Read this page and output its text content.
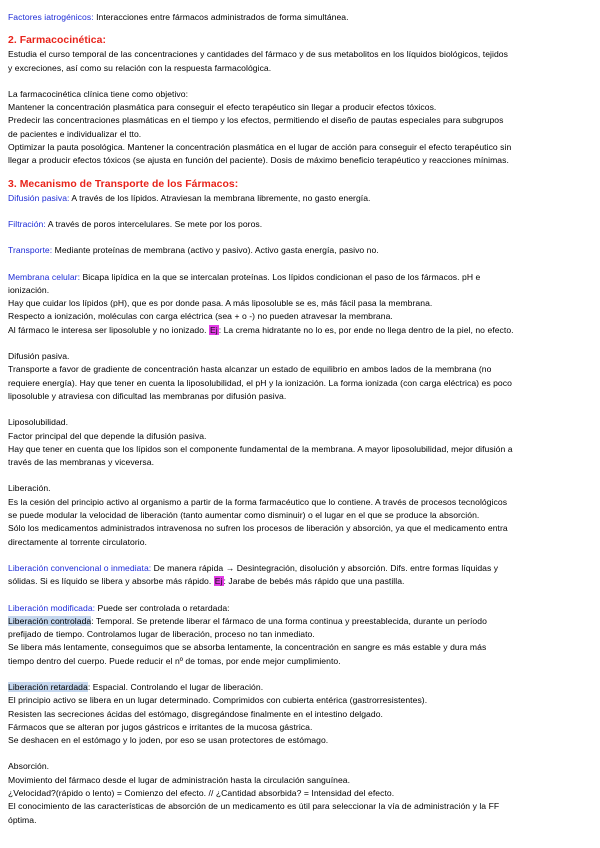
Factores iatrogénicos: Interacciones entre fármacos administrados de forma simultánea.

2. Farmacocinética:

Estudia el curso temporal de las concentraciones y cantidades del fármaco y de sus metabolitos en los líquidos biológicos, tejidos

y excreciones, así como su relación con la respuesta farmacológica.

La farmacocinética clínica tiene como objetivo:

Mantener la concentración plasmática para conseguir el efecto terapéutico sin llegar a producir efectos tóxicos.

Predecir las concentraciones plasmáticas en el tiempo y los efectos, permitiendo el diseño de pautas especiales para subgrupos

de pacientes e individualizar el tto.

Optimizar la pauta posológica. Mantener la concentración plasmática en el lugar de acción para conseguir el efecto terapéutico sin

llegar a producir efectos tóxicos (se ajusta en función del paciente). Dosis de máximo beneficio terapéutico y reacciones mínimas.

3. Mecanismo de Transporte de los Fármacos:

Difusión pasiva: A través de los lípidos. Atraviesan la membrana libremente, no gasto energía.

Filtración: A través de poros intercelulares. Se mete por los poros.

Transporte: Mediante proteínas de membrana (activo y pasivo). Activo gasta energía, pasivo no.

Membrana celular: Bicapa lipídica en la que se intercalan proteínas. Los lípidos condicionan el paso de los fármacos. pH e

ionización.

Hay que cuidar los lípidos (pH), que es por donde pasa. A más liposoluble se es, más fácil pasa la membrana.

Respecto a ionización, moléculas con carga eléctrica (sea + o -) no pueden atravesar la membrana.

Al fármaco le interesa ser liposoluble y no ionizado. Ej: La crema hidratante no lo es, por ende no llega dentro de la piel, no efecto.

Difusión pasiva.

Transporte a favor de gradiente de concentración hasta alcanzar un estado de equilibrio en ambos lados de la membrana (no

requiere energía). Hay que tener en cuenta la liposolubilidad, el pH y la ionización. La forma ionizada (con carga eléctrica) es poco

liposoluble y atraviesa con dificultad las membranas por difusión pasiva.

Liposolubilidad.

Factor principal del que depende la difusión pasiva.

Hay que tener en cuenta que los lípidos son el componente fundamental de la membrana. A mayor liposolubilidad, mejor difusión a

través de las membranas y viceversa.

Liberación.

Es la cesión del principio activo al organismo a partir de la forma farmacéutico que lo contiene. A través de procesos tecnológicos

se puede modular la velocidad de liberación (tanto aumentar como disminuir) o el lugar en el que se produce la absorción.

Sólo los medicamentos administrados intravenosa no sufren los procesos de liberación y absorción, ya que el medicamento entra

directamente al torrente circulatorio.

Liberación convencional o inmediata: De manera rápida → Desintegración, disolución y absorción. Difs. entre formas líquidas y

sólidas. Si es líquido se libera y absorbe más rápido. Ej: Jarabe de bebés más rápido que una pastilla.

Liberación modificada: Puede ser controlada o retardada:

Liberación controlada: Temporal. Se pretende liberar el fármaco de una forma continua y preestablecida, durante un período

prefijado de tiempo. Controlamos lugar de liberación, proceso no tan inmediato.

Se libera más lentamente, conseguimos que se absorba lentamente, la concentración en sangre es más estable y dura más

tiempo dentro del cuerpo. Puede reducir el nº de tomas, por ende mejor cumplimiento.

Liberación retardada: Espacial. Controlando el lugar de liberación.

El principio activo se libera en un lugar determinado. Comprimidos con cubierta entérica (gastrorresistentes).

Resisten las secreciones ácidas del estómago, disgregándose finalmente en el intestino delgado.

Fármacos que se alteran por jugos gástricos e irritantes de la mucosa gástrica.

Se deshacen en el estómago y lo joden, por eso se usan protectores de estómago.

Absorción.

Movimiento del fármaco desde el lugar de administración hasta la circulación sanguínea.

¿Velocidad?(rápido o lento) = Comienzo del efecto. // ¿Cantidad absorbida? = Intensidad del efecto.

El conocimiento de las características de absorción de un medicamento es útil para seleccionar la vía de administración y la FF

óptima.
